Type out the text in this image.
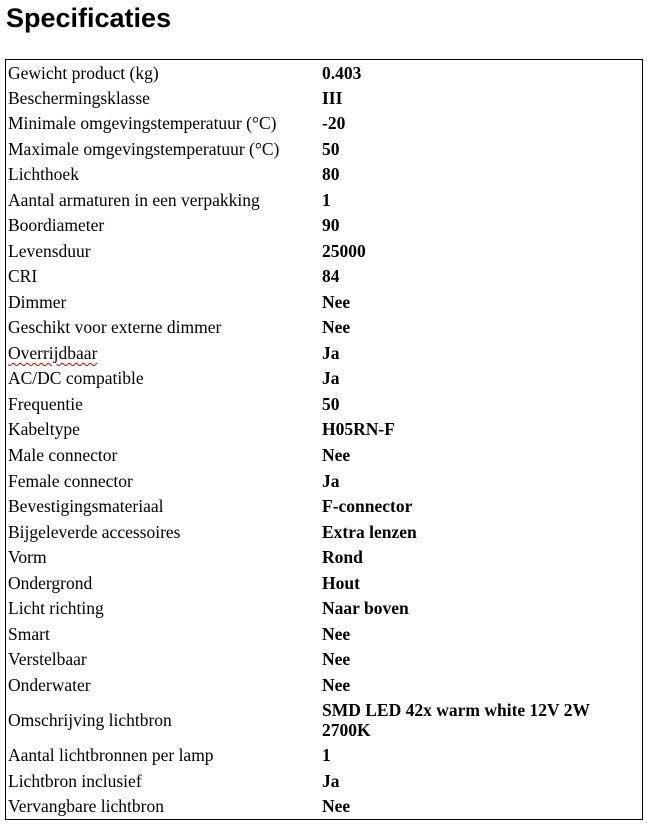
Specificaties
Gewicht product (kg)	0.403
Beschermingsklasse	III
Minimale omgevingstemperatuur (°C)	-20
Maximale omgevingstemperatuur (°C)	50
Lichthoek	80
Aantal armaturen in een verpakking	1
Boordiameter	90
Levensduur	25000
CRI	84
Dimmer	Nee
Geschikt voor externe dimmer	Nee
Overrijdbaar	Ja
AC/DC compatible	Ja
Frequentie	50
Kabeltype	H05RN-F
Male connector	Nee
Female connector	Ja
Bevestigingsmateriaal	F-connector
Bijgeleverde accessoires	Extra lenzen
Vorm	Rond
Ondergrond	Hout
Licht richting	Naar boven
Smart	Nee
Verstelbaar	Nee
Onderwater	Nee
Omschrijving lichtbron	SMD LED 42x warm white 12V 2W 2700K
Aantal lichtbronnen per lamp	1
Lichtbron inclusief	Ja
Vervangbare lichtbron	Nee
